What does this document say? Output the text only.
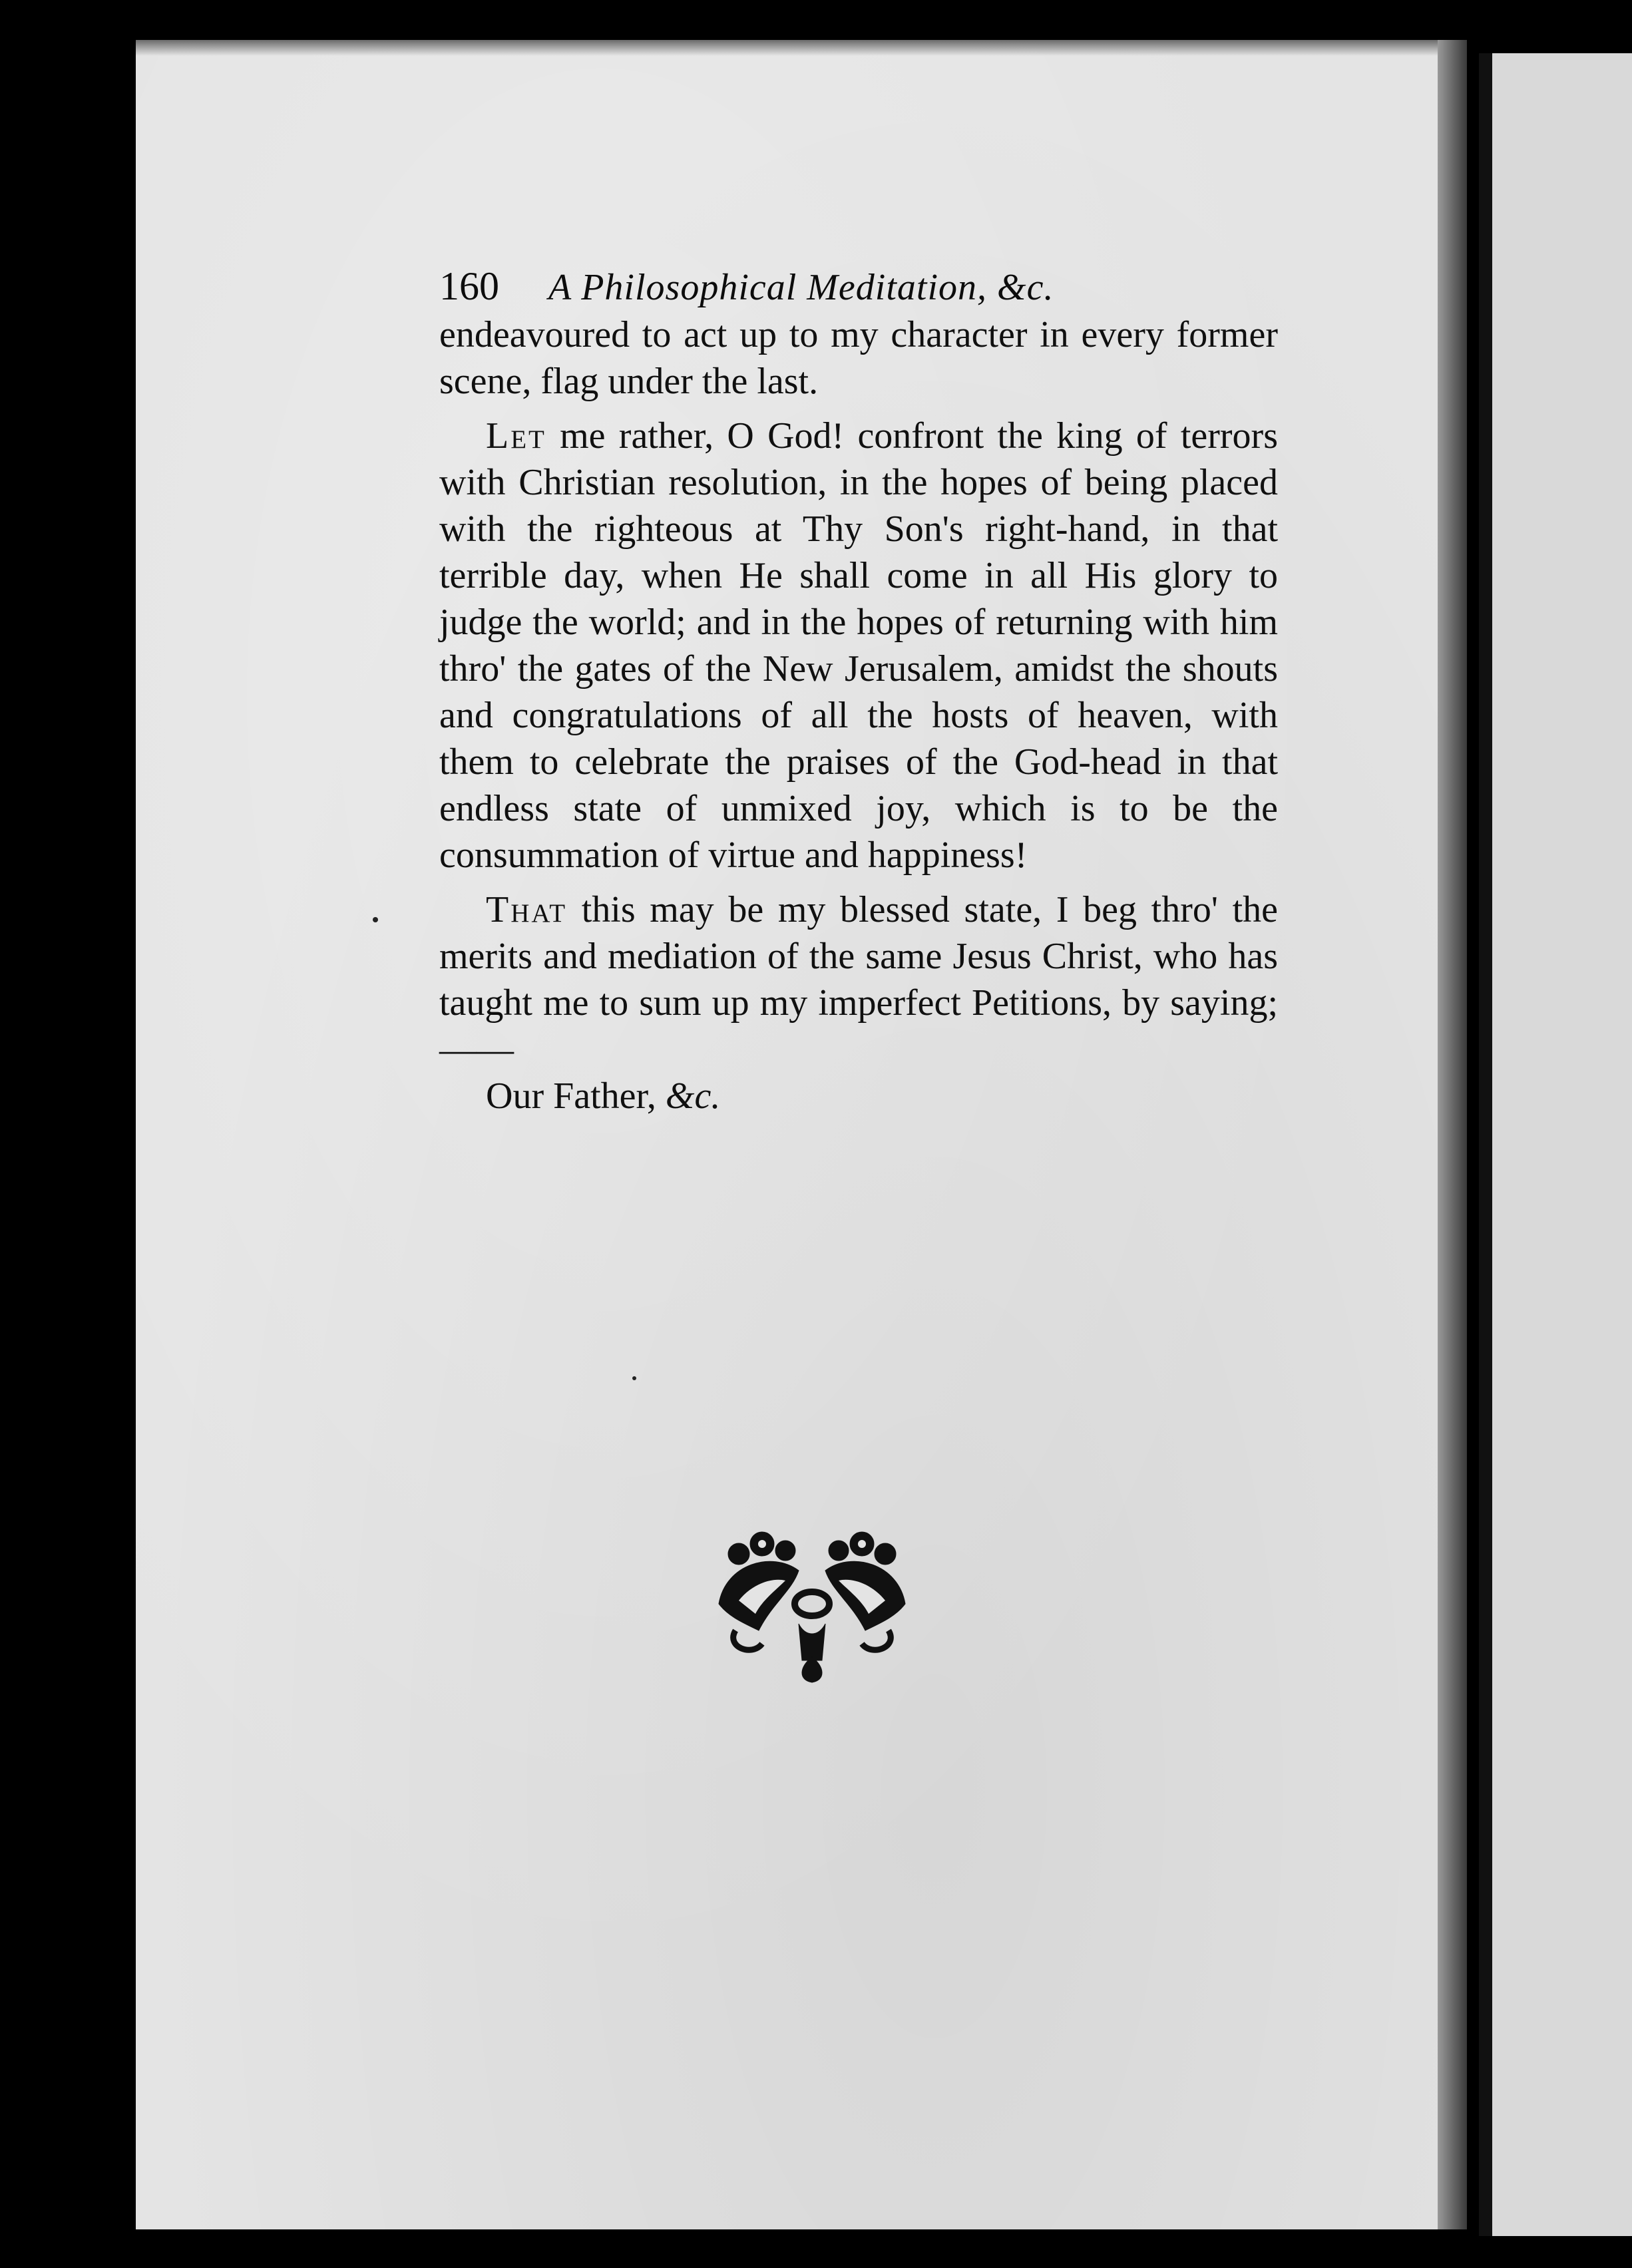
160 A Philosophical Meditation, &c.

endeavoured to act up to my character in every former scene, flag under the last.

Let me rather, O God! confront the king of terrors with Christian resolution, in the hopes of being placed with the righteous at Thy Son's right-hand, in that terrible day, when He shall come in all His glory to judge the world; and in the hopes of returning with him thro' the gates of the New Jerusalem, amidst the shouts and congratulations of all the hosts of heaven, with them to celebrate the praises of the God-head in that endless state of unmixed joy, which is to be the consummation of virtue and happiness!

That this may be my blessed state, I beg thro' the merits and mediation of the same Jesus Christ, who has taught me to sum up my imperfect Petitions, by saying;——

Our Father, &c.
